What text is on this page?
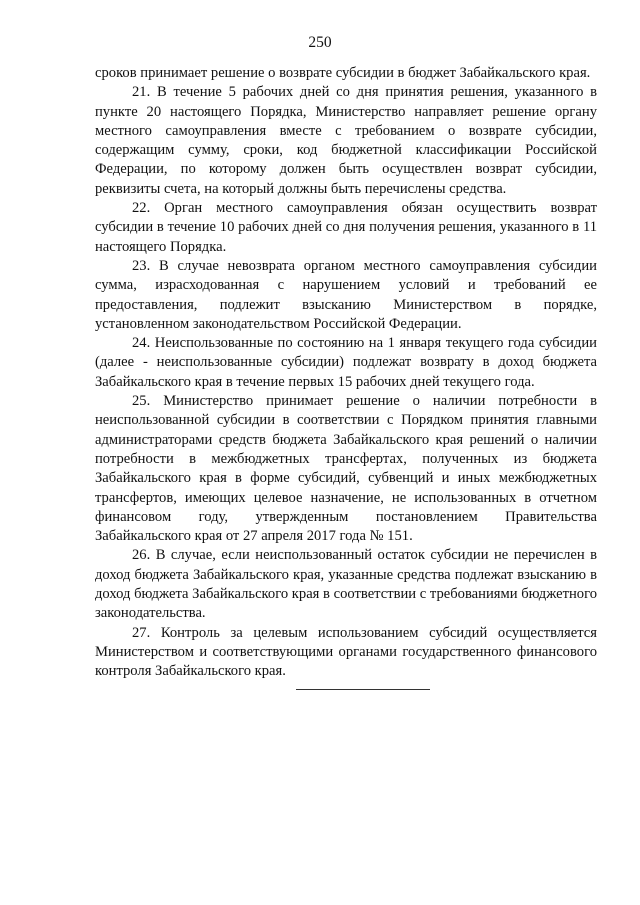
250

сроков принимает решение о возврате субсидии в бюджет Забайкальского края.

21. В течение 5 рабочих дней со дня принятия решения, указанного в пункте 20 настоящего Порядка, Министерство направляет решение органу местного самоуправления вместе с требованием о возврате субсидии, содержащим сумму, сроки, код бюджетной классификации Российской Федерации, по которому должен быть осуществлен возврат субсидии, реквизиты счета, на который должны быть перечислены средства.

22. Орган местного самоуправления обязан осуществить возврат субсидии в течение 10 рабочих дней со дня получения решения, указанного в 11 настоящего Порядка.

23. В случае невозврата органом местного самоуправления субсидии сумма, израсходованная с нарушением условий и требований ее предоставления, подлежит взысканию Министерством в порядке, установленном законодательством Российской Федерации.

24. Неиспользованные по состоянию на 1 января текущего года субсидии (далее - неиспользованные субсидии) подлежат возврату в доход бюджета Забайкальского края в течение первых 15 рабочих дней текущего года.

25. Министерство принимает решение о наличии потребности в неиспользованной субсидии в соответствии с Порядком принятия главными администраторами средств бюджета Забайкальского края решений о наличии потребности в межбюджетных трансфертах, полученных из бюджета Забайкальского края в форме субсидий, субвенций и иных межбюджетных трансфертов, имеющих целевое назначение, не использованных в отчетном финансовом году, утвержденным постановлением Правительства Забайкальского края от 27 апреля 2017 года № 151.

26. В случае, если неиспользованный остаток субсидии не перечислен в доход бюджета Забайкальского края, указанные средства подлежат взысканию в доход бюджета Забайкальского края в соответствии с требованиями бюджетного законодательства.

27. Контроль за целевым использованием субсидий осуществляется Министерством и соответствующими органами государственного финансового контроля Забайкальского края.
